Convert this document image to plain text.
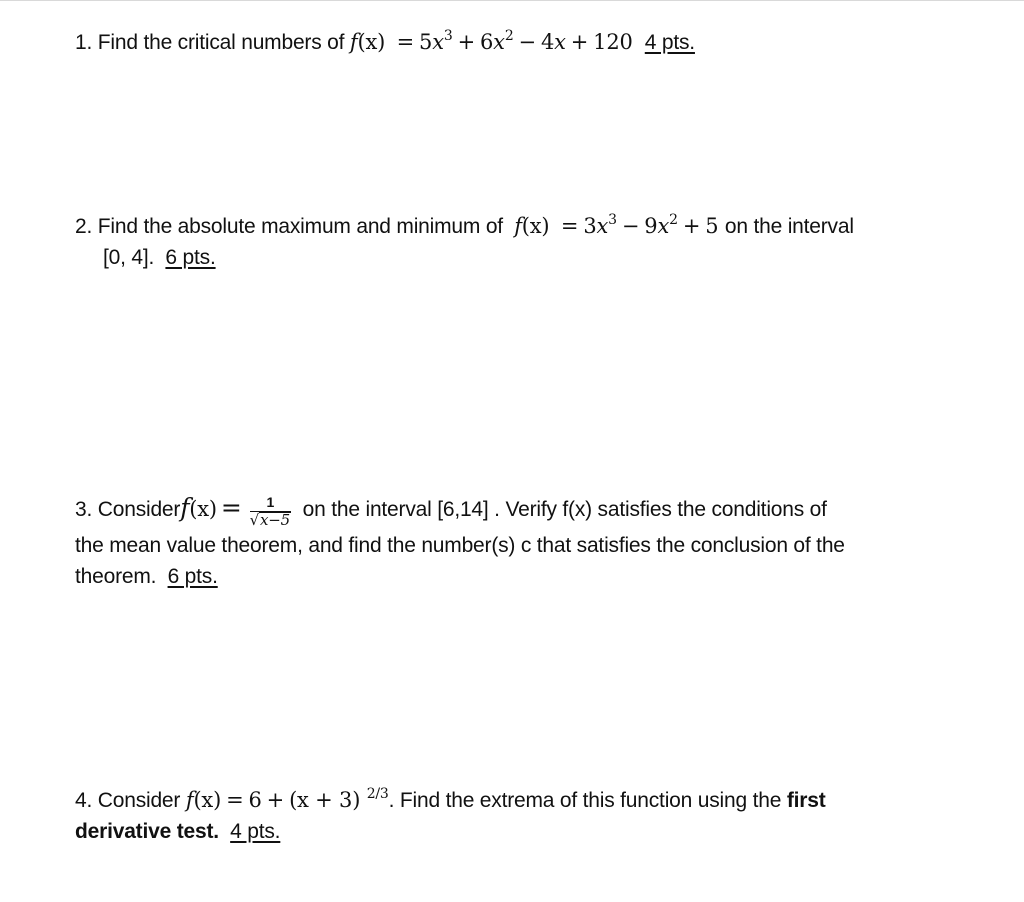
1. Find the critical numbers of $f(x) = 5x^3 + 6x^2 - 4x + 120$ 4 pts.
2. Find the absolute maximum and minimum of $f(x) = 3x^3 - 9x^2 + 5$ on the interval
[0, 4]. 6 pts.
3. Considerf(x) = $\frac{1}{√x-5}$ on the interval [6,14] . Verify f(x) satisfies the conditions of
the mean value theorem, and find the number(s) c that satisfies the conclusion of the
theorem. 6 pts.
4. Consider f(x) = 6 + (x + 3) $^{2/3}$. Find the extrema of this function using the first
derivative test. 4 pts.
